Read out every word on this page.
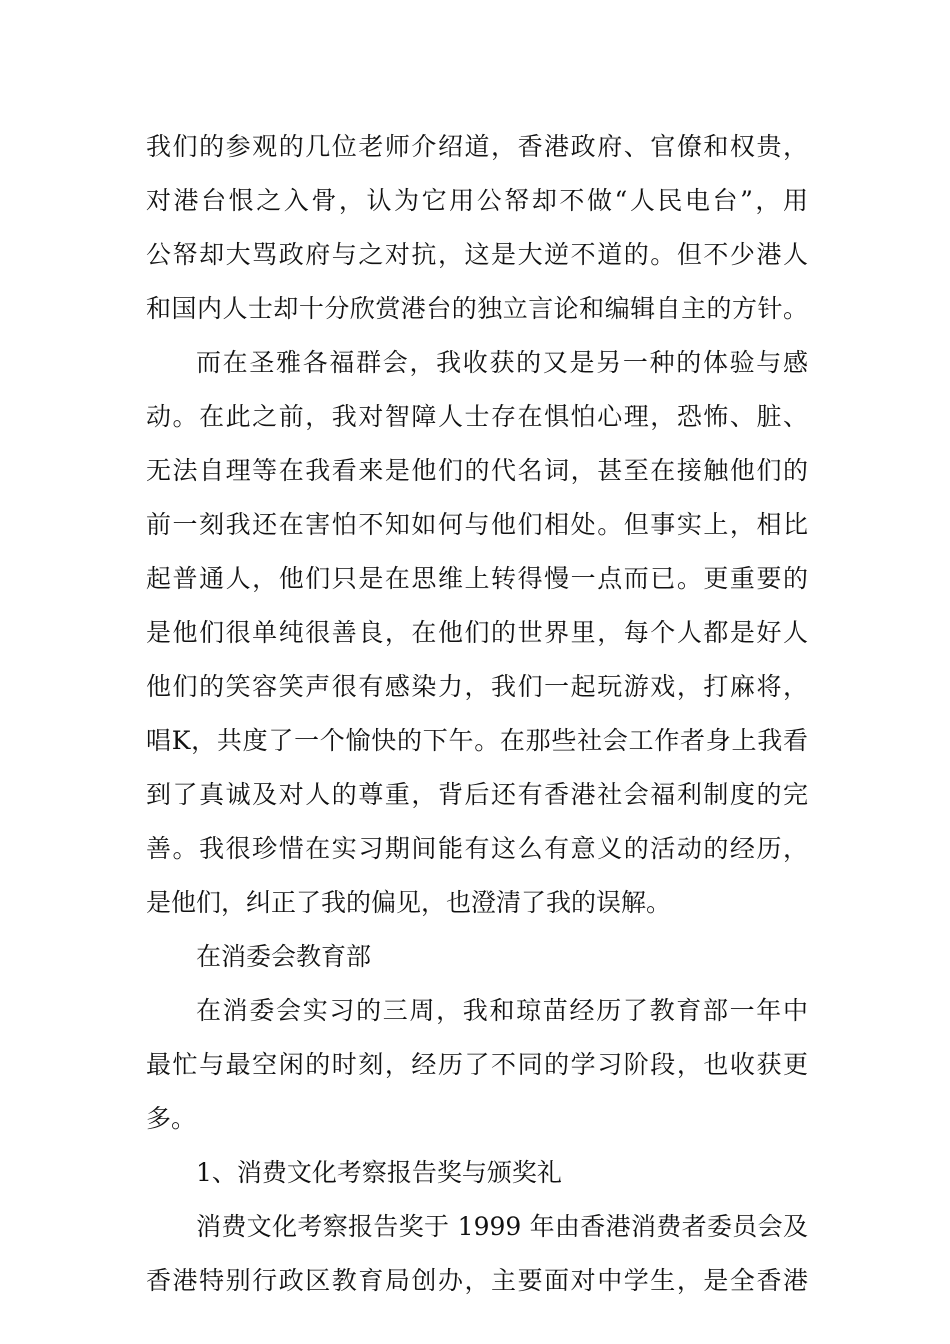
我们的参观的几位老师介绍道，香港政府、官僚和权贵，
对港台恨之入骨，认为它用公帑却不做“人民电台”，用
公帑却大骂政府与之对抗，这是大逆不道的。但不少港人
和国内人士却十分欣赏港台的独立言论和编辑自主的方针。
而在圣雅各福群会，我收获的又是另一种的体验与感
动。在此之前，我对智障人士存在惧怕心理，恐怖、脏、
无法自理等在我看来是他们的代名词，甚至在接触他们的
前一刻我还在害怕不知如何与他们相处。但事实上，相比
起普通人，他们只是在思维上转得慢一点而已。更重要的
是他们很单纯很善良，在他们的世界里，每个人都是好人
他们的笑容笑声很有感染力，我们一起玩游戏，打麻将，
唱K，共度了一个愉快的下午。在那些社会工作者身上我看
到了真诚及对人的尊重，背后还有香港社会福利制度的完
善。我很珍惜在实习期间能有这么有意义的活动的经历，
是他们，纠正了我的偏见，也澄清了我的误解。
在消委会教育部
在消委会实习的三周，我和琼苗经历了教育部一年中
最忙与最空闲的时刻，经历了不同的学习阶段，也收获更
多。
1、消费文化考察报告奖与颁奖礼
消费文化考察报告奖于 1999 年由香港消费者委员会及
香港特别行政区教育局创办，主要面对中学生，是全香港
